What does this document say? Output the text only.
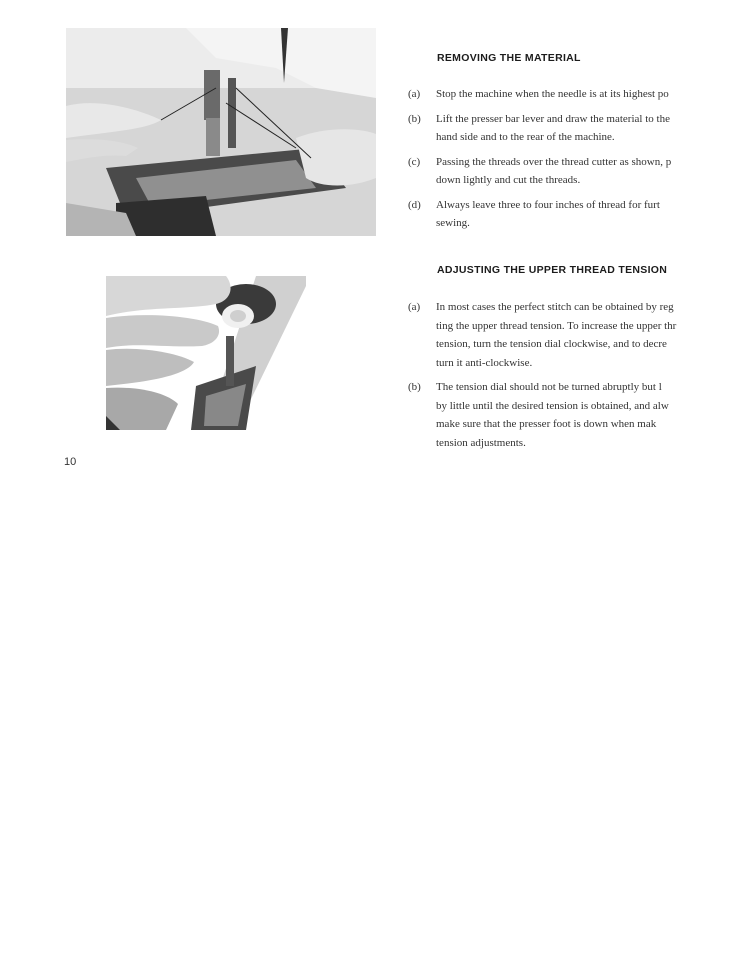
REMOVING THE MATERIAL
(a)	Stop the machine when the needle is at its highest po
(b)	Lift the presser bar lever and draw the material to the
hand side and to the rear of the machine.
(c)	Passing the threads over the thread cutter as shown, p
down lightly and cut the threads.
(d)	Always leave three to four inches of thread for furt
sewing.
ADJUSTING THE UPPER THREAD TENSION
(a)	In most cases the perfect stitch can be obtained by reg
ting the upper thread tension. To increase the upper thr
tension, turn the tension dial clockwise, and to decre
turn it anti-clockwise.
(b)	The tension dial should not be turned abruptly but l
by little until the desired tension is obtained, and alw
make sure that the presser foot is down when mak
tension adjustments.
10
